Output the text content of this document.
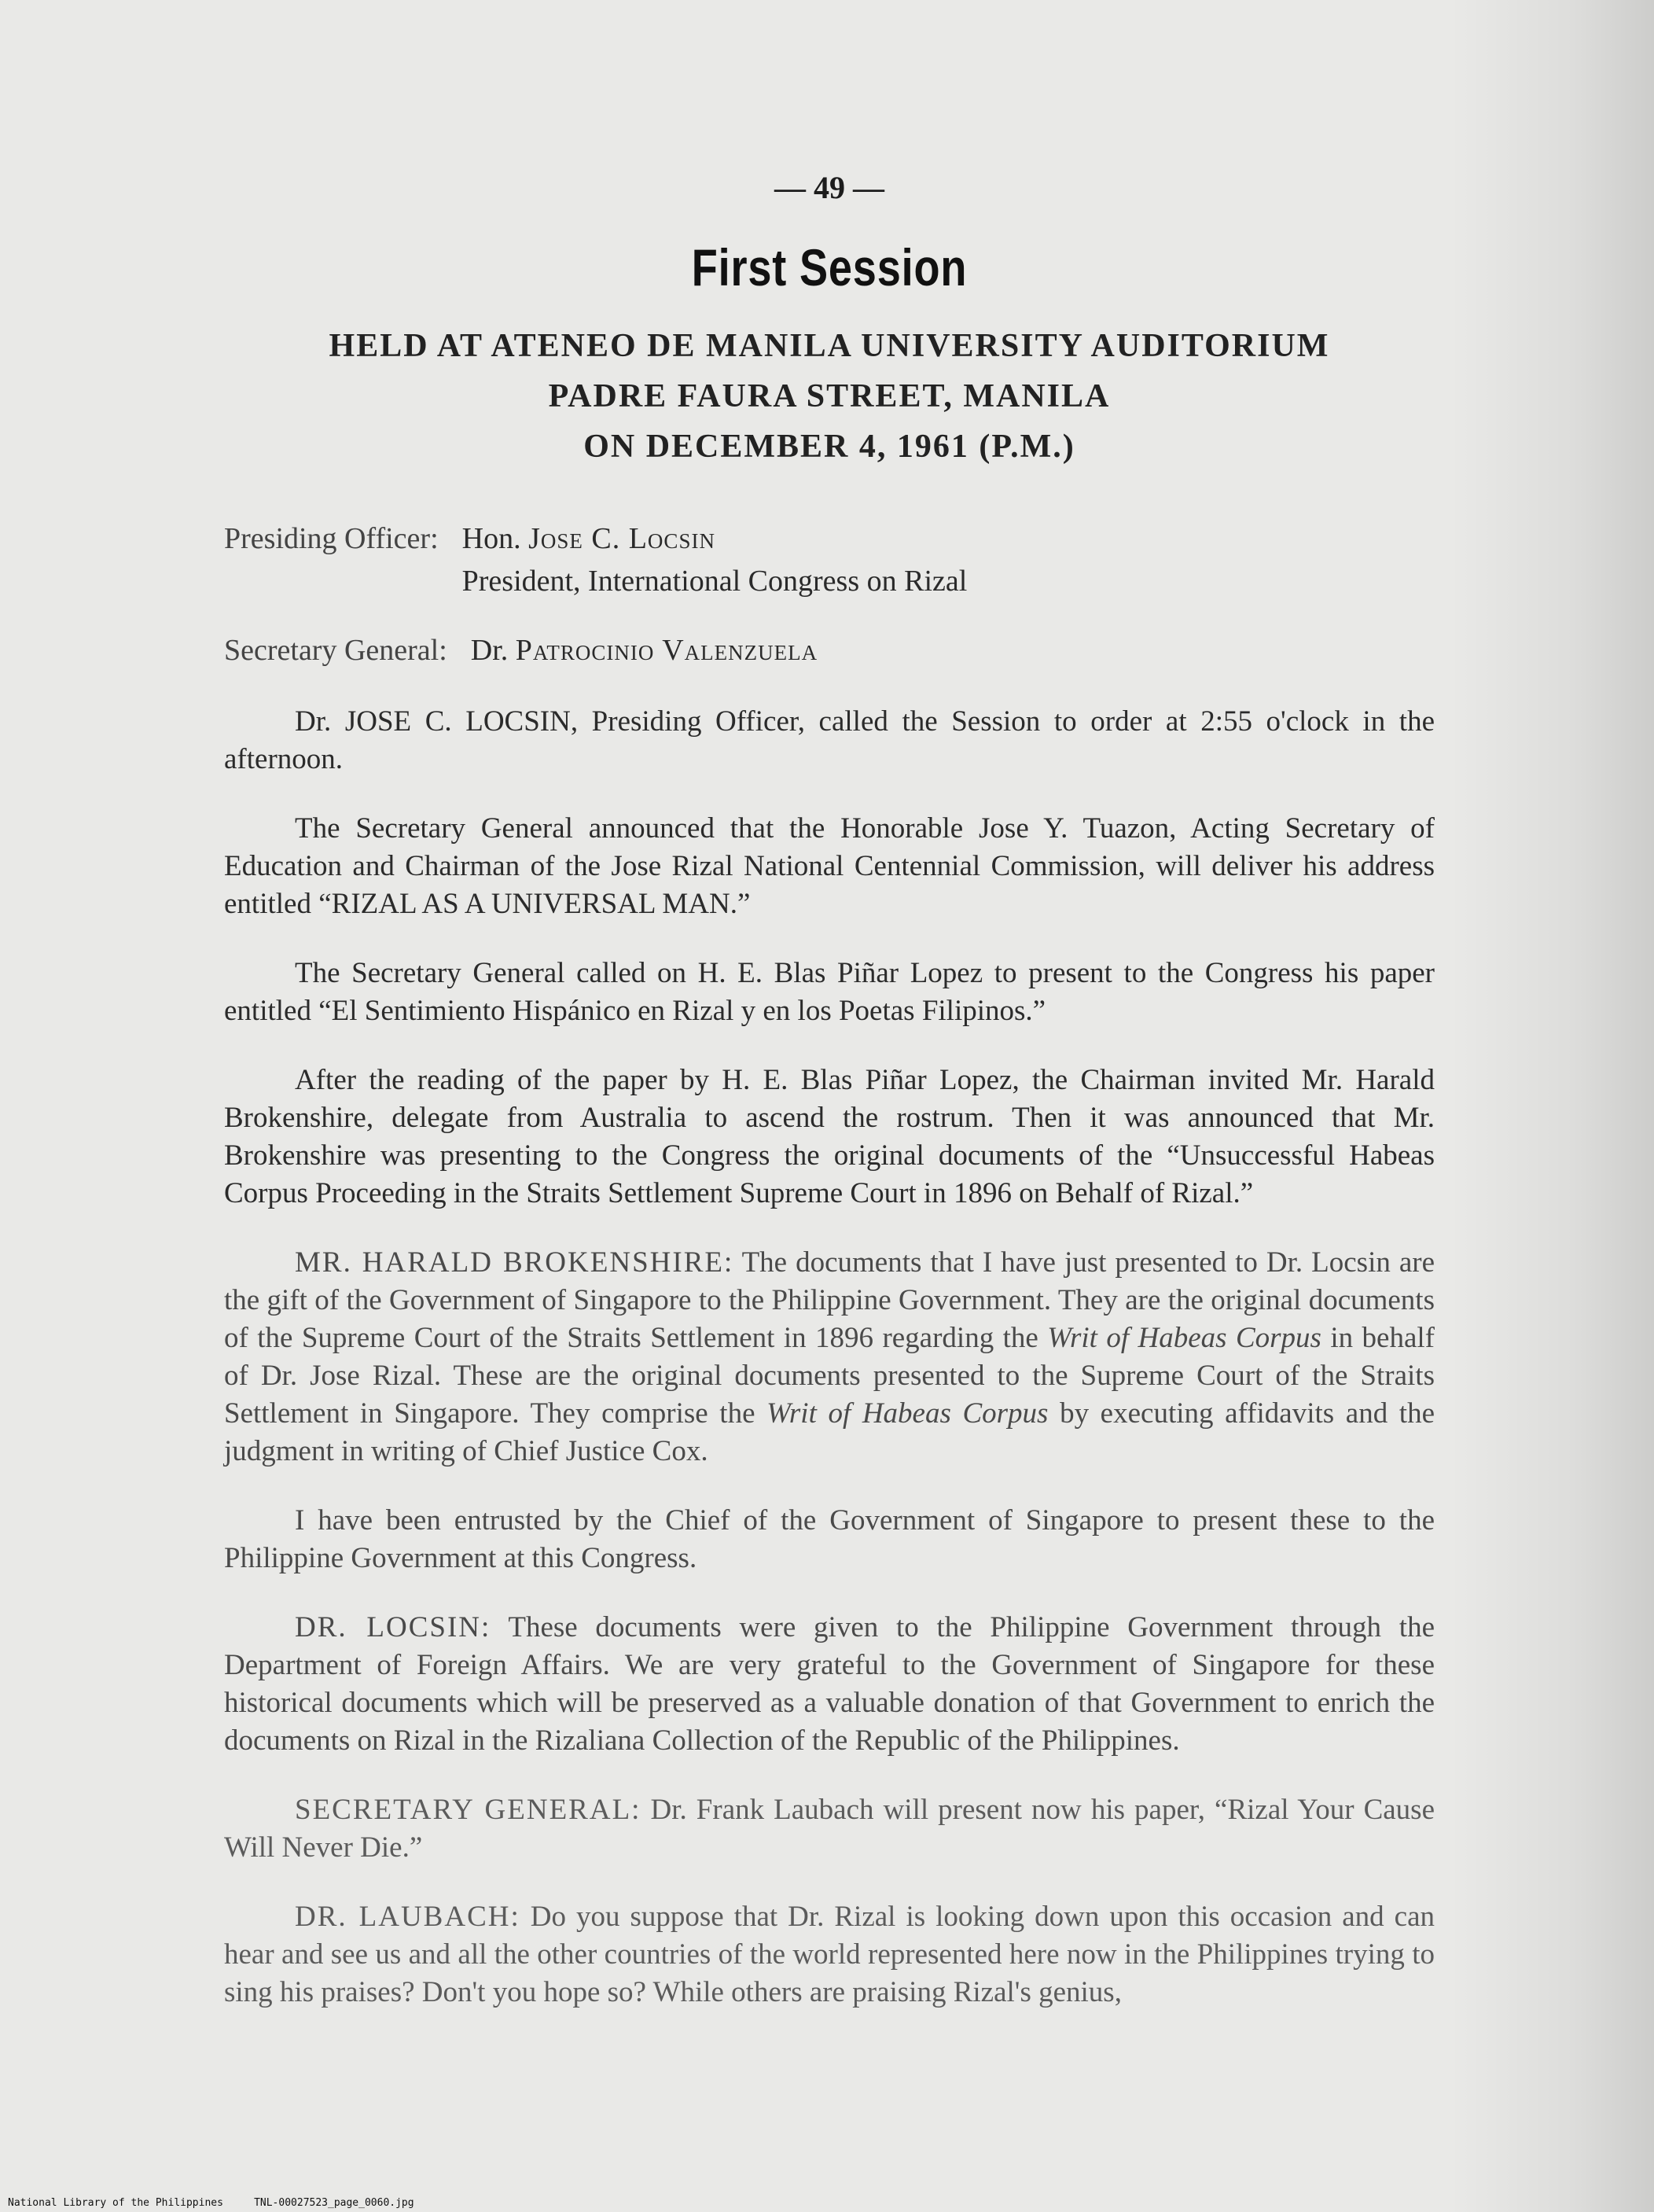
— 49 —
First Session

HELD AT ATENEO DE MANILA UNIVERSITY AUDITORIUM

PADRE FAURA STREET, MANILA

ON DECEMBER 4, 1961 (P.M.)

Presiding Officer: Hon. Jose C. Locsin
President, International Congress on Rizal
Secretary General: Dr. Patrocinio Valenzuela

Dr. JOSE C. LOCSIN, Presiding Officer, called the Session to order at 2:55 o'clock in the afternoon.

The Secretary General announced that the Honorable Jose Y. Tuazon, Acting Secretary of Education and Chairman of the Jose Rizal National Centennial Commission, will deliver his address entitled “RIZAL AS A UNIVERSAL MAN.”

The Secretary General called on H. E. Blas Piñar Lopez to present to the Congress his paper entitled “El Sentimiento Hispánico en Rizal y en los Poetas Filipinos.”

After the reading of the paper by H. E. Blas Piñar Lopez, the Chairman invited Mr. Harald Brokenshire, delegate from Australia to ascend the rostrum. Then it was announced that Mr. Brokenshire was presenting to the Congress the original documents of the “Unsuccessful Habeas Corpus Proceeding in the Straits Settlement Supreme Court in 1896 on Behalf of Rizal.”

MR. HARALD BROKENSHIRE: The documents that I have just presented to Dr. Locsin are the gift of the Government of Singapore to the Philippine Government. They are the original documents of the Supreme Court of the Straits Settlement in 1896 regarding the Writ of Habeas Corpus in behalf of Dr. Jose Rizal. These are the original documents presented to the Supreme Court of the Straits Settlement in Singapore. They comprise the Writ of Habeas Corpus by executing affidavits and the judgment in writing of Chief Justice Cox.

I have been entrusted by the Chief of the Government of Singapore to present these to the Philippine Government at this Congress.

DR. LOCSIN: These documents were given to the Philippine Government through the Department of Foreign Affairs. We are very grateful to the Government of Singapore for these historical documents which will be preserved as a valuable donation of that Government to enrich the documents on Rizal in the Rizaliana Collection of the Republic of the Philippines.

SECRETARY GENERAL: Dr. Frank Laubach will present now his paper, “Rizal Your Cause Will Never Die.”

DR. LAUBACH: Do you suppose that Dr. Rizal is looking down upon this occasion and can hear and see us and all the other countries of the world represented here now in the Philippines trying to sing his praises? Don't you hope so? While others are praising Rizal's genius,

National Library of the Philippines	TNL-00027523_page_0060.jpg
